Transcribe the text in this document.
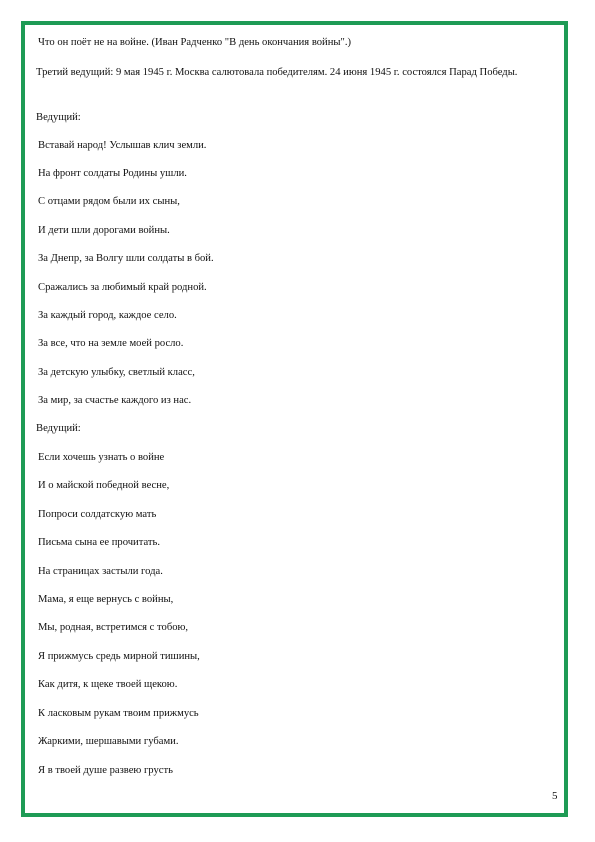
Что он поёт не на войне. (Иван Радченко "В день окончания войны".)
Третий ведущий: 9 мая 1945 г. Москва салютовала победителям. 24 июня 1945 г. состоялся Парад Победы.
Ведущий:
Вставай народ! Услышав клич земли.
На фронт солдаты Родины ушли.
С отцами рядом были их сыны,
И дети шли дорогами войны.
За Днепр, за Волгу шли солдаты в бой.
Сражались за любимый край родной.
За каждый город, каждое село.
За все, что на земле моей росло.
За детскую улыбку, светлый класс,
За мир, за счастье каждого из нас.
Ведущий:
Если хочешь узнать о войне
И о майской победной весне,
Попроси солдатскую мать
Письма сына ее прочитать.
На страницах застыли года.
Мама, я еще вернусь с войны,
Мы, родная, встретимся с тобою,
Я прижмусь средь мирной тишины,
Как дитя, к щеке твоей щекою.
К ласковым рукам твоим прижмусь
Жаркими, шершавыми губами.
Я в твоей душе развею грусть
5
